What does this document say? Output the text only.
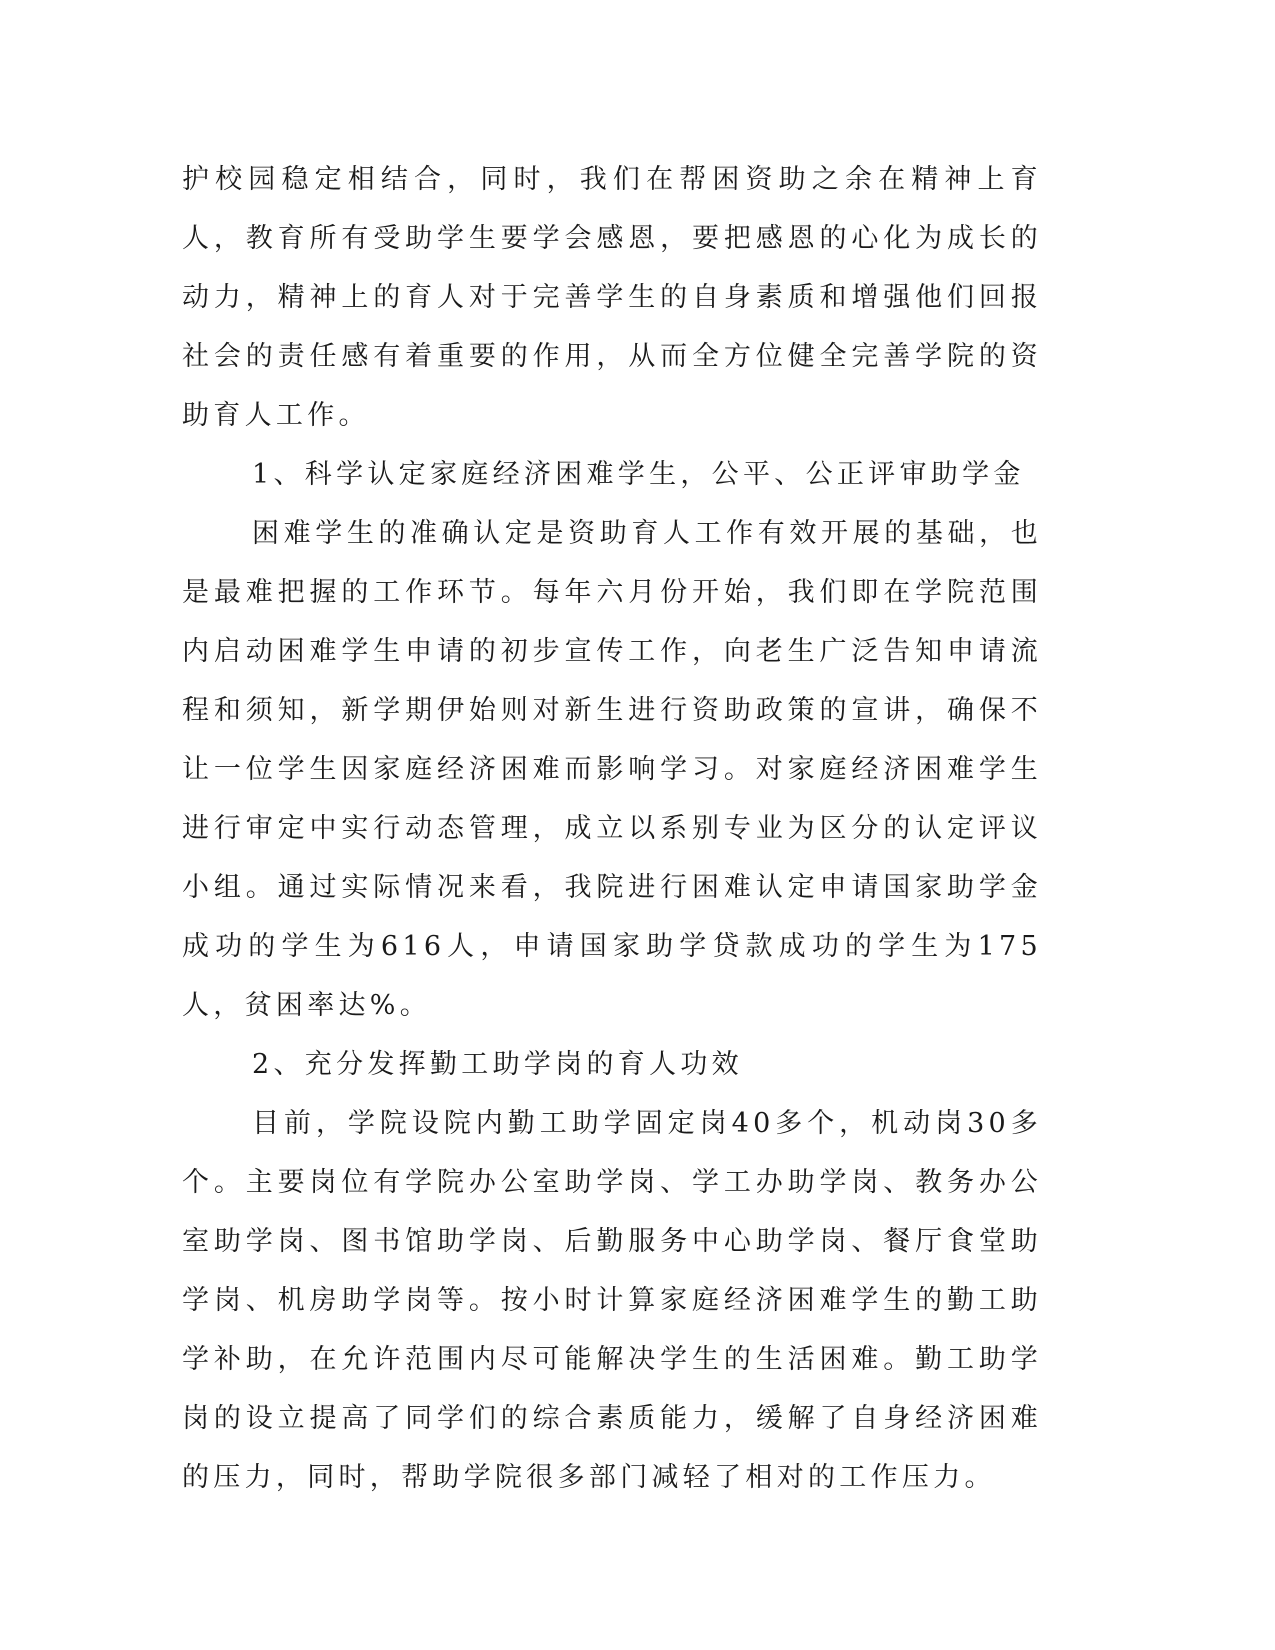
护校园稳定相结合，同时，我们在帮困资助之余在精神上育人，教育所有受助学生要学会感恩，要把感恩的心化为成长的动力，精神上的育人对于完善学生的自身素质和增强他们回报社会的责任感有着重要的作用，从而全方位健全完善学院的资助育人工作。

1、科学认定家庭经济困难学生，公平、公正评审助学金

困难学生的准确认定是资助育人工作有效开展的基础，也是最难把握的工作环节。每年六月份开始，我们即在学院范围内启动困难学生申请的初步宣传工作，向老生广泛告知申请流程和须知，新学期伊始则对新生进行资助政策的宣讲，确保不让一位学生因家庭经济困难而影响学习。对家庭经济困难学生进行审定中实行动态管理，成立以系别专业为区分的认定评议小组。通过实际情况来看，我院进行困难认定申请国家助学金成功的学生为616人，申请国家助学贷款成功的学生为175人，贫困率达%。

2、充分发挥勤工助学岗的育人功效

目前，学院设院内勤工助学固定岗40多个，机动岗30多个。主要岗位有学院办公室助学岗、学工办助学岗、教务办公室助学岗、图书馆助学岗、后勤服务中心助学岗、餐厅食堂助学岗、机房助学岗等。按小时计算家庭经济困难学生的勤工助学补助，在允许范围内尽可能解决学生的生活困难。勤工助学岗的设立提高了同学们的综合素质能力，缓解了自身经济困难的压力，同时，帮助学院很多部门减轻了相对的工作压力。
